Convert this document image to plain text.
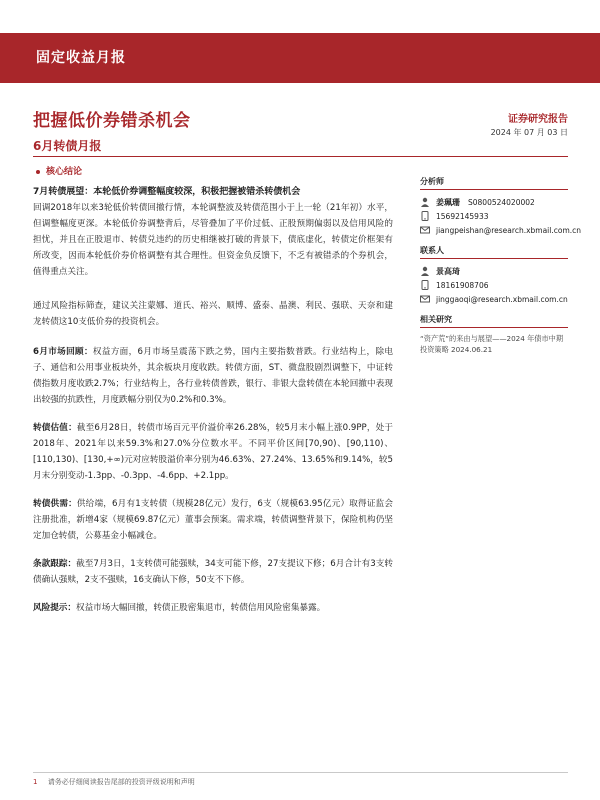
固定收益月报
把握低价券错杀机会
6月转债月报
证券研究报告
2024 年 07 月 03 日
核心结论

7月转债展望：本轮低价券调整幅度较深，积极把握被错杀转债机会

回调2018年以来3轮低价转债回撤行情，本轮调整波及转债范围小于上一轮（21年初）水平，但调整幅度更深。本轮低价券调整背后，尽管叠加了平价过低、正股预期偏弱以及信用风险的担忧，并且在正股退市、转债兑违约的历史相继被打破的背景下，债底虚化，转债定价框架有所改变，因而本轮低价券价格调整有其合理性。但资金负反馈下，不乏有被错杀的个券机会，值得重点关注。

通过风险指标筛查，建议关注蒙娜、道氏、裕兴、顺博、盛泰、晶澳、利民、强联、天奈和建龙转债这10支低价券的投资机会。

6月市场回顾：权益方面，6月市场呈震荡下跌之势，国内主要指数普跌。行业结构上，除电子、通信和公用事业板块外，其余板块月度收跌。转债方面，ST、微盘股剧烈调整下，中证转债指数月度收跌2.7%；行业结构上，各行业转债普跌，银行、非银大盘转债在本轮回撤中表现出较强的抗跌性，月度跌幅分别仅为0.2%和0.3%。

转债估值：截至6月28日，转债市场百元平价溢价率26.28%，较5月末小幅上涨0.9PP，处于2018年、2021年以来59.3%和27.0%分位数水平。不同平价区间[70,90)、[90,110)、[110,130)、[130,+∞)元对应转股溢价率分别为46.63%、27.24%、13.65%和9.14%，较5月末分别变动-1.3pp、-0.3pp、-4.6pp、+2.1pp。

转债供需：供给端，6月有1支转债（规模28亿元）发行，6支（规模63.95亿元）取得证监会注册批准，新增4家（规模69.87亿元）董事会预案。需求端，转债调整背景下，保险机构仍坚定加仓转债，公募基金小幅减仓。

条款跟踪：截至7月3日，1支转债可能强赎，34支可能下修，27支提议下修；6月合计有3支转债确认强赎，2支不强赎，16支确认下修，50支不下修。

风险提示：权益市场大幅回撤，转债正股密集退市，转债信用风险密集暴露。

分析师
姜珮珊 S0800524020002
15692145933
jiangpeishan@research.xbmail.com.cn
联系人
景高琦
18161908706
jinggaoqi@research.xbmail.com.cn
相关研究
“资产荒”的来由与展望——2024 年债市中期投资策略 2024.06.21
1 请务必仔细阅读报告尾部的投资评级说明和声明
